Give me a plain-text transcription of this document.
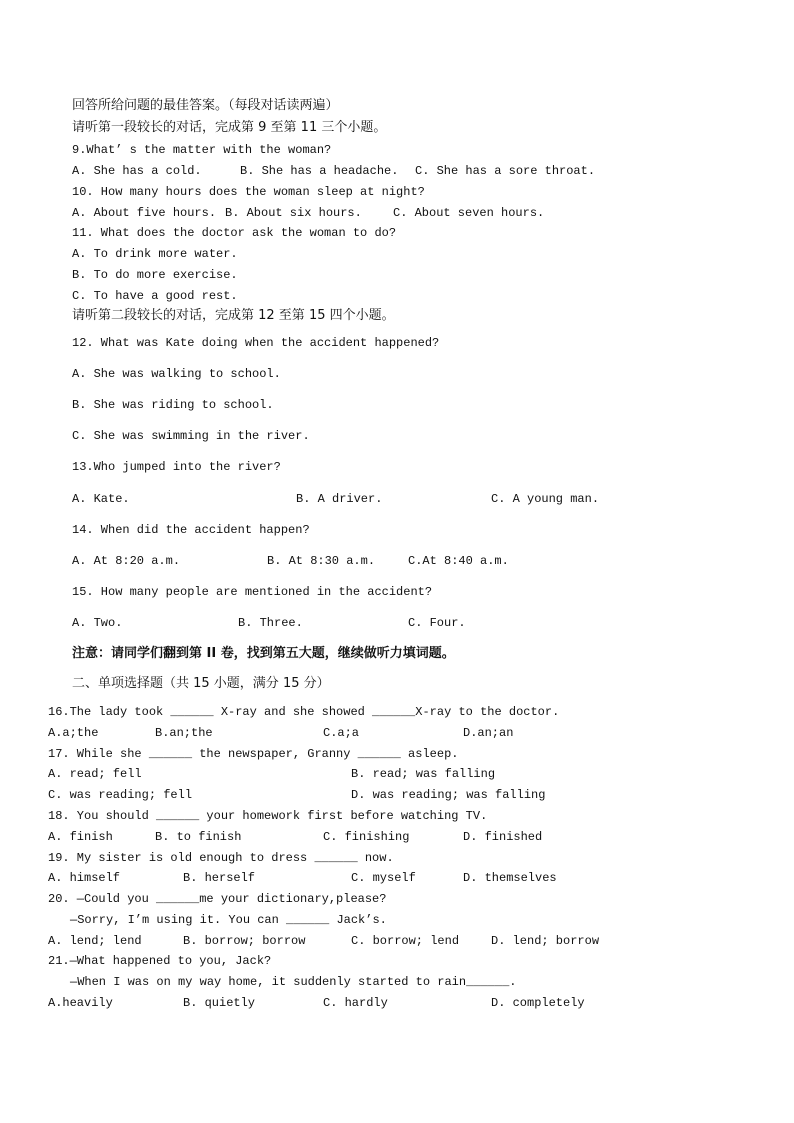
回答所给问题的最佳答案。（每段对话读两遍）
请听第一段较长的对话，完成第 9 至第 11 三个小题。
9.What’ s the matter with the woman?
A. She has a cold.	B. She has a headache. C. She has a sore throat.
10. How many hours does the woman sleep at night?
A. About five hours. B. About six hours.	C. About seven hours.
11. What does the doctor ask the woman to do?
A. To drink more water.
B. To do more exercise.
C. To have a good rest.
请听第二段较长的对话，完成第 12 至第 15 四个小题。
12. What was Kate doing when the accident happened?
A. She was walking to school.
B. She was riding to school.
C. She was swimming in the river.
13.Who jumped into the river?
A. Kate.	B. A driver.	C. A young man.
14. When did the accident happen?
A. At 8:20 a.m.	B. At 8:30 a.m.	C.At 8:40 a.m.
15. How many people are mentioned in the accident?
A. Two.	B. Three.	C. Four.
注意：请同学们翻到第 II 卷，找到第五大题，继续做听力填词题。
二、单项选择题（共 15 小题，满分 15 分）
16.The lady took ______ X-ray and she showed ______X-ray to the doctor.
A.a;the	B.an;the	C.a;a	D.an;an
17. While she ______ the newspaper, Granny ______ asleep.
A. read; fell	B. read; was falling
C. was reading; fell	D. was reading; was falling
18. You should ______ your homework first before watching TV.
A. finish	B. to finish	C. finishing	D. finished
19. My sister is old enough to dress ______ now.
A. himself	B. herself	C. myself	D. themselves
20. —Could you ______me your dictionary,please?
—Sorry, I’m using it. You can ______ Jack’s.
A. lend; lend	B. borrow; borrow	C. borrow; lend	D. lend; borrow
21.—What happened to you, Jack?
—When I was on my way home, it suddenly started to rain______.
A.heavily	B. quietly	C. hardly	D. completely
